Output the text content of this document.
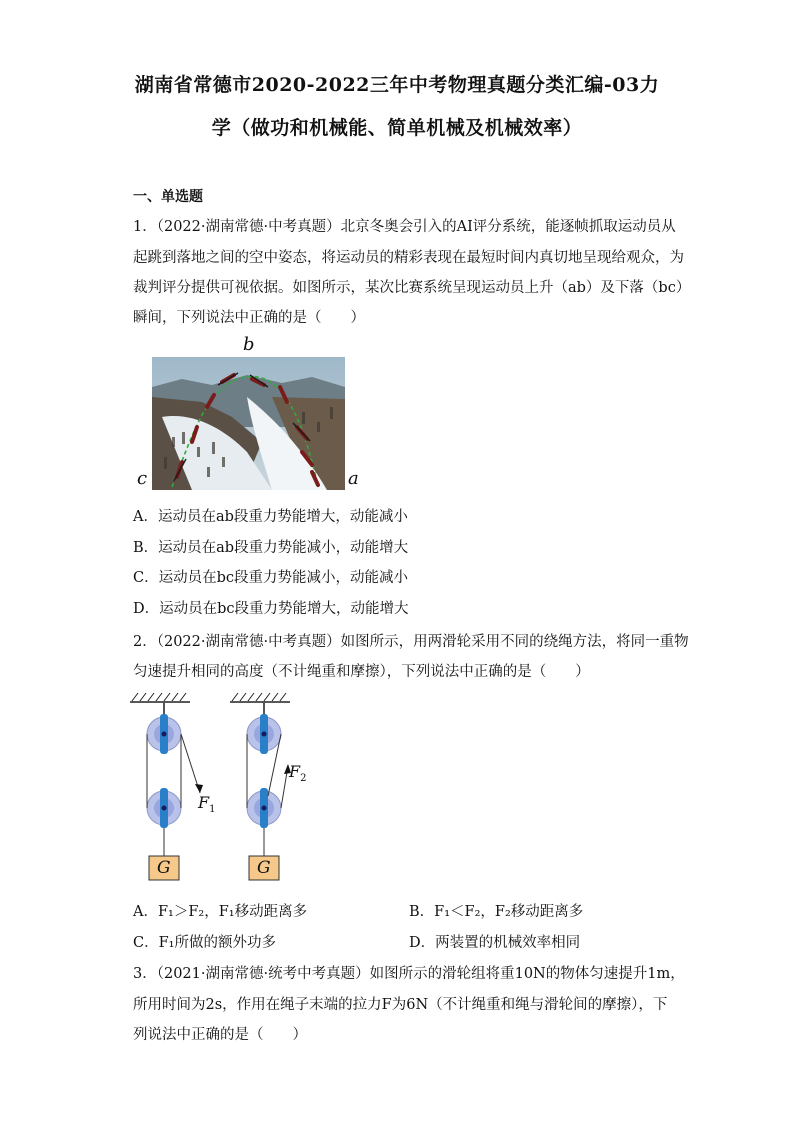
湖南省常德市2020-2022三年中考物理真题分类汇编-03力
学（做功和机械能、简单机械及机械效率）
一、单选题
1．（2022·湖南常德·中考真题）北京冬奥会引入的AI评分系统，能逐帧抓取运动员从
起跳到落地之间的空中姿态，将运动员的精彩表现在最短时间内真切地呈现给观众，为
裁判评分提供可视依据。如图所示，某次比赛系统呈现运动员上升（ab）及下落（bc）
瞬间，下列说法中正确的是（　　）
b
c	a
A．运动员在ab段重力势能增大，动能减小
B．运动员在ab段重力势能减小，动能增大
C．运动员在bc段重力势能减小，动能减小
D．运动员在bc段重力势能增大，动能增大
2．（2022·湖南常德·中考真题）如图所示，用两滑轮采用不同的绕绳方法，将同一重物
匀速提升相同的高度（不计绳重和摩擦），下列说法中正确的是（　　）
$F_1$
$F_2$
G	G
A．F₁＞F₂，F₁移动距离多	B．F₁＜F₂，F₂移动距离多
C．F₁所做的额外功多	D．两装置的机械效率相同
3．（2021·湖南常德·统考中考真题）如图所示的滑轮组将重10N的物体匀速提升1m，
所用时间为2s，作用在绳子末端的拉力F为6N（不计绳重和绳与滑轮间的摩擦），下
列说法中正确的是（　　）
